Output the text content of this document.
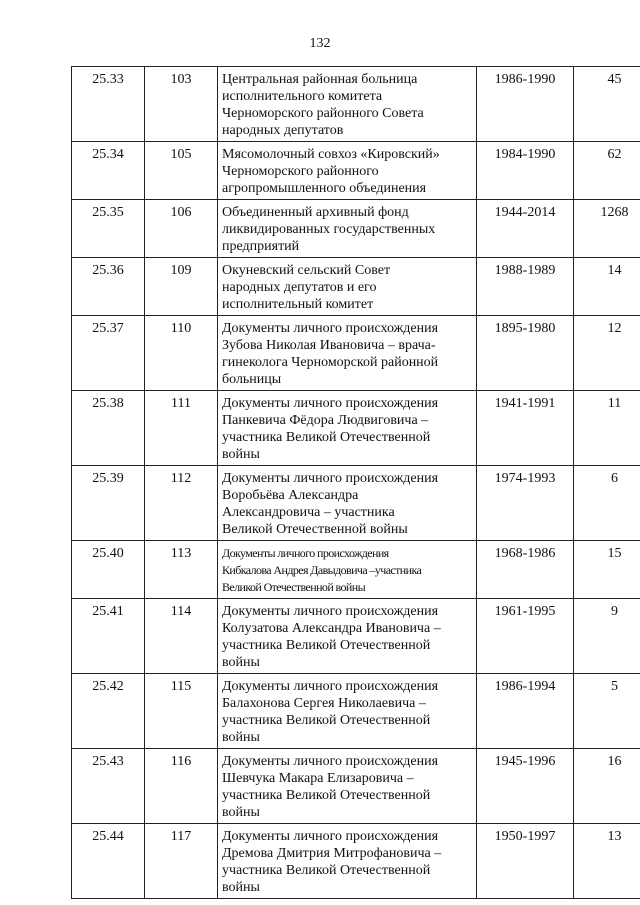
132
25.33	103	Центральная районная больница
исполнительного комитета
Черноморского районного Совета
народных депутатов	1986-1990	45
25.34	105	Мясомолочный совхоз «Кировский»
Черноморского районного
агропромышленного объединения	1984-1990	62
25.35	106	Объединенный архивный фонд
ликвидированных государственных
предприятий	1944-2014	1268
25.36	109	Окуневский сельский Совет
народных депутатов и его
исполнительный комитет	1988-1989	14
25.37	110	Документы личного происхождения
Зубова Николая Ивановича – врача-
гинеколога Черноморской районной
больницы	1895-1980	12
25.38	111	Документы личного происхождения
Панкевича Фёдора Людвиговича –
участника Великой Отечественной
войны	1941-1991	11
25.39	112	Документы личного происхождения
Воробьёва Александра
Александровича – участника
Великой Отечественной войны	1974-1993	6
25.40	113	Документы личного происхождения
Кибкалова Андрея Давыдовича –участника
Великой Отечественной войны	1968-1986	15
25.41	114	Документы личного происхождения
Колузатова Александра Ивановича –
участника Великой Отечественной
войны	1961-1995	9
25.42	115	Документы личного происхождения
Балахонова Сергея Николаевича –
участника Великой Отечественной
войны	1986-1994	5
25.43	116	Документы личного происхождения
Шевчука Макара Елизаровича –
участника Великой Отечественной
войны	1945-1996	16
25.44	117	Документы личного происхождения
Дремова Дмитрия Митрофановича –
участника Великой Отечественной
войны	1950-1997	13
